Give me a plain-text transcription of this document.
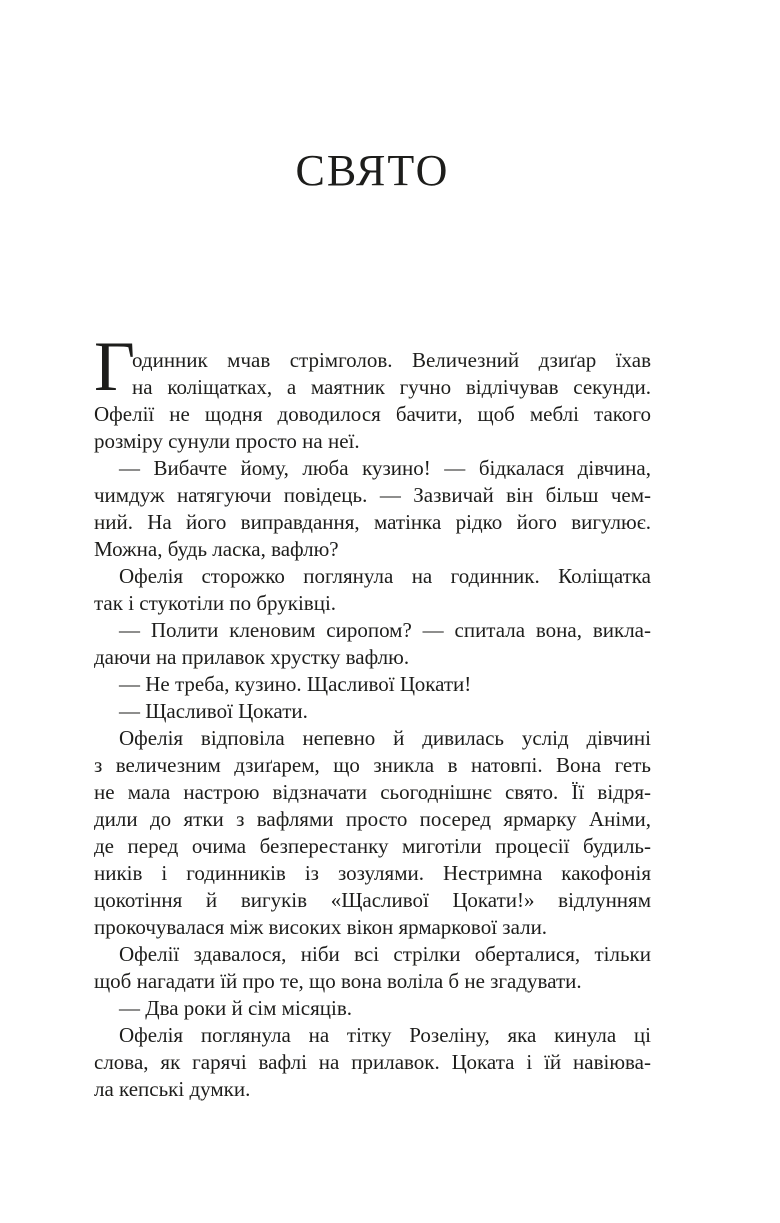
СВЯТО
Г
одинник мчав стрімголов. Величезний дзиґар їхав
на коліщатках, а маятник гучно відлічував секунди.
Офелії не щодня доводилося бачити, щоб меблі такого
розміру сунули просто на неї.
— Вибачте йому, люба кузино! — бідкалася дівчина,
чимдуж натягуючи повідець. — Зазвичай він більш чем-
ний. На його виправдання, матінка рідко його вигулює.
Можна, будь ласка, вафлю?
Офелія сторожко поглянула на годинник. Коліщатка
так і стукотіли по бруківці.
— Полити кленовим сиропом? — спитала вона, викла-
даючи на прилавок хрустку вафлю.
— Не треба, кузино. Щасливої Цокати!
— Щасливої Цокати.
Офелія відповіла непевно й дивилась услід дівчині
з величезним дзиґарем, що зникла в натовпі. Вона геть
не мала настрою відзначати сьогоднішнє свято. Її відря-
дили до ятки з вафлями просто посеред ярмарку Аніми,
де перед очима безперестанку миготіли процесії будиль-
ників і годинників із зозулями. Нестримна какофонія
цокотіння й вигуків «Щасливої Цокати!» відлунням
прокочувалася між високих вікон ярмаркової зали.
Офелії здавалося, ніби всі стрілки оберталися, тільки
щоб нагадати їй про те, що вона воліла б не згадувати.
— Два роки й сім місяців.
Офелія поглянула на тітку Розеліну, яка кинула ці
слова, як гарячі вафлі на прилавок. Цоката і їй навіюва-
ла кепські думки.
